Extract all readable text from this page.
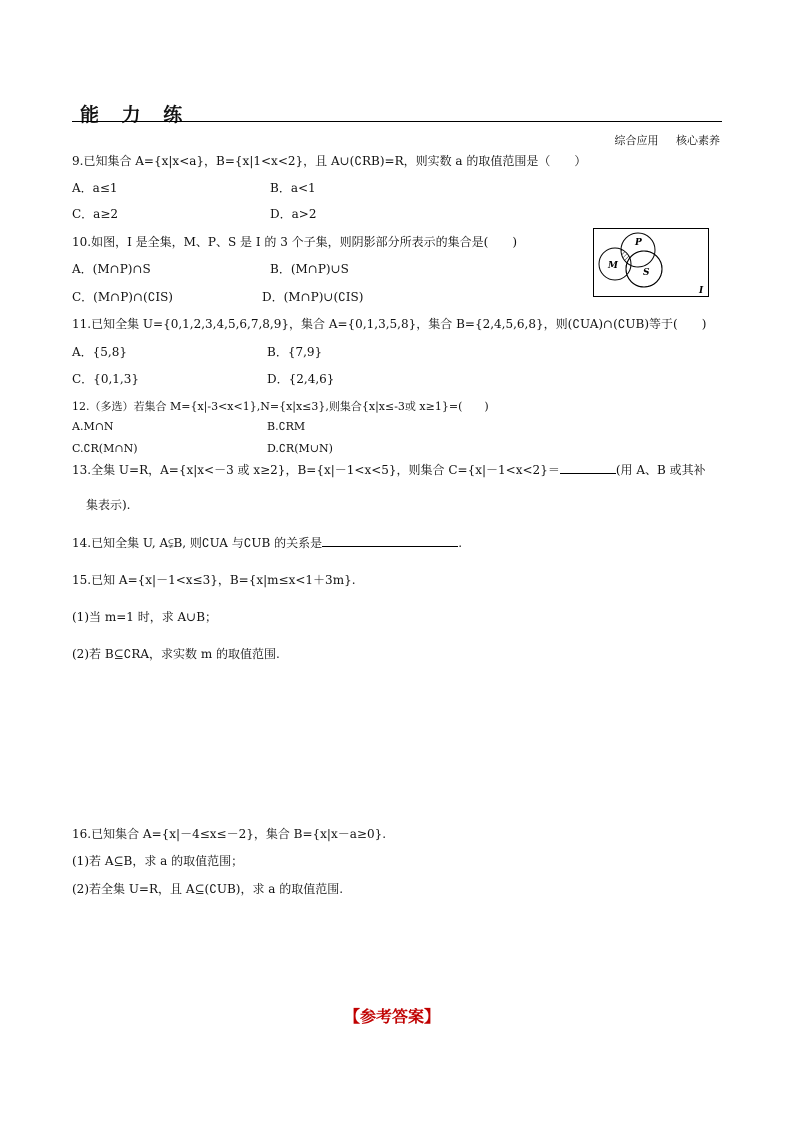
能 力 练
综合应用 核心素养
9.已知集合 A={x|x<a}，B={x|1<x<2}，且 A∪(∁RB)=R，则实数 a 的取值范围是（　　）
A．a≤1	B．a<1
C．a≥2	D．a>2
10.如图，I 是全集，M、P、S 是 I 的 3 个子集，则阴影部分所表示的集合是(　　)
A．(M∩P)∩S	B．(M∩P)∪S
C．(M∩P)∩(∁IS)	D．(M∩P)∪(∁IS)
P
M
S
I
11.已知全集 U={0,1,2,3,4,5,6,7,8,9}，集合 A={0,1,3,5,8}，集合 B={2,4,5,6,8}，则(∁UA)∩(∁UB)等于(　　)
A．{5,8}	B．{7,9}
C．{0,1,3}	D．{2,4,6}
12.（多选）若集合 M={x|-3<x<1},N={x|x≤3},则集合{x|x≤-3或 x≥1}=(　　)
A.M∩N	B.∁RM
C.∁R(M∩N)	D.∁R(M∪N)
13.全集 U=R，A={x|x<－3 或 x≥2}，B={x|－1<x<5}，则集合 C={x|－1<x<2}＝	(用 A、B 或其补
集表示).
14.已知全集 U, A⫋B, 则∁UA 与∁UB 的关系是	.
15.已知 A={x|－1<x≤3}，B={x|m≤x<1＋3m}.
(1)当 m=1 时，求 A∪B；
(2)若 B⊆∁RA，求实数 m 的取值范围.
16.已知集合 A={x|－4≤x≤－2}，集合 B={x|x－a≥0}.
(1)若 A⊆B，求 a 的取值范围；
(2)若全集 U=R，且 A⊆(∁UB)，求 a 的取值范围.
【参考答案】
